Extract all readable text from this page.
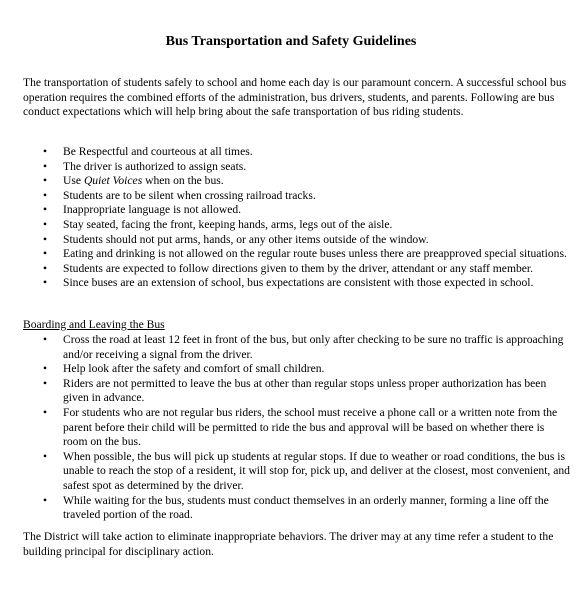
Bus Transportation and Safety Guidelines

The transportation of students safely to school and home each day is our paramount concern. A successful school bus operation requires the combined efforts of the administration, bus drivers, students, and parents. Following are bus conduct expectations which will help bring about the safe transportation of bus riding students.

• Be Respectful and courteous at all times.
• The driver is authorized to assign seats.
• Use Quiet Voices when on the bus.
• Students are to be silent when crossing railroad tracks.
• Inappropriate language is not allowed.
• Stay seated, facing the front, keeping hands, arms, legs out of the aisle.
• Students should not put arms, hands, or any other items outside of the window.
• Eating and drinking is not allowed on the regular route buses unless there are preapproved special situations.
• Students are expected to follow directions given to them by the driver, attendant or any staff member.
• Since buses are an extension of school, bus expectations are consistent with those expected in school.
Boarding and Leaving the Bus
• Cross the road at least 12 feet in front of the bus, but only after checking to be sure no traffic is approaching and/or receiving a signal from the driver.
• Help look after the safety and comfort of small children.
• Riders are not permitted to leave the bus at other than regular stops unless proper authorization has been given in advance.
• For students who are not regular bus riders, the school must receive a phone call or a written note from the parent before their child will be permitted to ride the bus and approval will be based on whether there is room on the bus.
• When possible, the bus will pick up students at regular stops. If due to weather or road conditions, the bus is unable to reach the stop of a resident, it will stop for, pick up, and deliver at the closest, most convenient, and safest spot as determined by the driver.
• While waiting for the bus, students must conduct themselves in an orderly manner, forming a line off the traveled portion of the road.

The District will take action to eliminate inappropriate behaviors. The driver may at any time refer a student to the building principal for disciplinary action.
